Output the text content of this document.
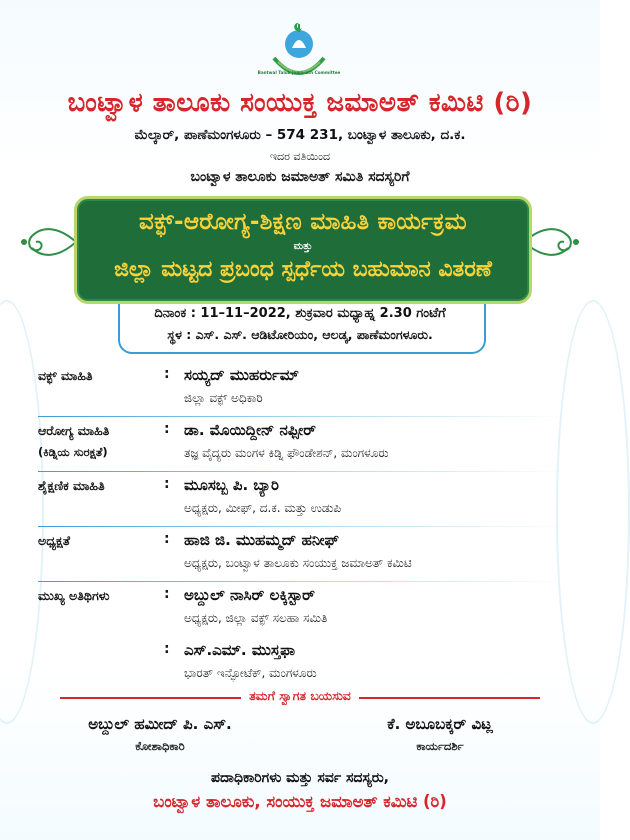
Bantwal Taluk Jama-ath Committee
ಬಂಟ್ವಾಳ ತಾಲೂಕು ಸಂಯುಕ್ತ ಜಮಾಅತ್ ಕಮಿಟಿ (ರಿ)
ಮೆಲ್ಕಾರ್, ಪಾಣೆಮಂಗಳೂರು – 574 231, ಬಂಟ್ವಾಳ ತಾಲೂಕು, ದ.ಕ.
ಇದರ ವತಿಯಿಂದ
ಬಂಟ್ವಾಳ ತಾಲೂಕು ಜಮಾಅತ್ ಸಮಿತಿ ಸದಸ್ಯರಿಗೆ
ವಕ್ಫ್-ಆರೋಗ್ಯ-ಶಿಕ್ಷಣ ಮಾಹಿತಿ ಕಾರ್ಯಕ್ರಮ
ಮತ್ತು
ಜಿಲ್ಲಾ ಮಟ್ಟದ ಪ್ರಬಂಧ ಸ್ಪರ್ಧೆಯ ಬಹುಮಾನ ವಿತರಣೆ
ದಿನಾಂಕ : 11–11–2022, ಶುಕ್ರವಾರ ಮಧ್ಯಾಹ್ನ 2.30 ಗಂಟೆಗೆ
ಸ್ಥಳ : ಎಸ್. ಎಸ್. ಆಡಿಟೋರಿಯಂ, ಆಲಡ್ಕ, ಪಾಣೆಮಂಗಳೂರು.
ವಕ್ಫ್ ಮಾಹಿತಿ	: ಸಯ್ಯದ್ ಮುಹರ್ರುಮ್
ಜಿಲ್ಲಾ ವಕ್ಫ್ ಅಧಿಕಾರಿ
ಆರೋಗ್ಯ ಮಾಹಿತಿ
(ಕಿಡ್ನಿಯ ಸುರಕ್ಷತೆ)
: ಡಾ. ಮೊಯಿದ್ದೀನ್ ನಫ್ಸೀರ್
ತಜ್ಞ ವೈದ್ಯರು ಮಂಗಳ ಕಿಡ್ನಿ ಫೌಂಡೇಶನ್, ಮಂಗಳೂರು
ಶೈಕ್ಷಣಿಕ ಮಾಹಿತಿ	: ಮೂಸಬ್ಬ ಪಿ. ಬ್ಯಾರಿ
ಅಧ್ಯಕ್ಷರು, ಮೀಫ್, ದ.ಕ. ಮತ್ತು ಉಡುಪಿ
ಅಧ್ಯಕ್ಷತೆ	: ಹಾಜಿ ಜಿ. ಮುಹಮ್ಮದ್ ಹನೀಫ್
ಅಧ್ಯಕ್ಷರು, ಬಂಟ್ವಾಳ ತಾಲೂಕು ಸಂಯುಕ್ತ ಜಮಾಅತ್ ಕಮಿಟಿ
ಮುಖ್ಯ ಅತಿಥಿಗಳು	: ಅಬ್ದುಲ್ ನಾಸಿರ್ ಲಕ್ಕಿಸ್ಟಾರ್
ಅಧ್ಯಕ್ಷರು, ಜಿಲ್ಲಾ ವಕ್ಫ್ ಸಲಹಾ ಸಮಿತಿ
: ಎಸ್.ಎಮ್. ಮುಸ್ತಫಾ
ಭಾರತ್ ಇನ್ಫೋಟೆಕ್, ಮಂಗಳೂರು
ತಮಗೆ ಸ್ವಾಗತ ಬಯಸುವ
ಅಬ್ದುಲ್ ಹಮೀದ್ ಪಿ. ಎಸ್.
ಕೋಶಾಧಿಕಾರಿ
ಕೆ. ಅಬೂಬಕ್ಕರ್ ವಿಟ್ಲ
ಕಾರ್ಯದರ್ಶಿ
ಪದಾಧಿಕಾರಿಗಳು ಮತ್ತು ಸರ್ವ ಸದಸ್ಯರು,
ಬಂಟ್ವಾಳ ತಾಲೂಕು, ಸಂಯುಕ್ತ ಜಮಾಅತ್ ಕಮಿಟಿ (ರಿ)
